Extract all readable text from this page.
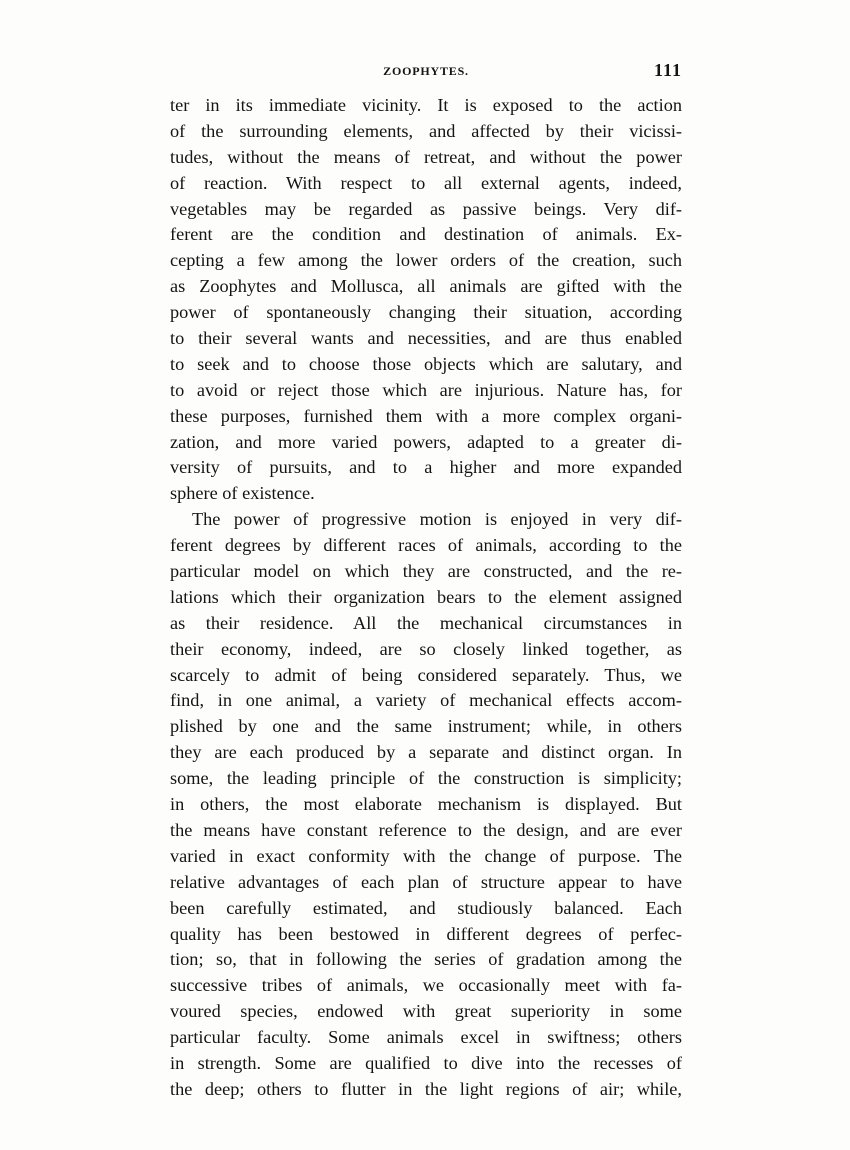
ZOOPHYTES.	111
ter in its immediate vicinity. It is exposed to the action
of the surrounding elements, and affected by their vicissi-
tudes, without the means of retreat, and without the power
of reaction. With respect to all external agents, indeed,
vegetables may be regarded as passive beings. Very dif-
ferent are the condition and destination of animals. Ex-
cepting a few among the lower orders of the creation, such
as Zoophytes and Mollusca, all animals are gifted with the
power of spontaneously changing their situation, according
to their several wants and necessities, and are thus enabled
to seek and to choose those objects which are salutary, and
to avoid or reject those which are injurious. Nature has, for
these purposes, furnished them with a more complex organi-
zation, and more varied powers, adapted to a greater di-
versity of pursuits, and to a higher and more expanded
sphere of existence.
The power of progressive motion is enjoyed in very dif-
ferent degrees by different races of animals, according to the
particular model on which they are constructed, and the re-
lations which their organization bears to the element assigned
as their residence. All the mechanical circumstances in
their economy, indeed, are so closely linked together, as
scarcely to admit of being considered separately. Thus, we
find, in one animal, a variety of mechanical effects accom-
plished by one and the same instrument; while, in others
they are each produced by a separate and distinct organ. In
some, the leading principle of the construction is simplicity;
in others, the most elaborate mechanism is displayed. But
the means have constant reference to the design, and are ever
varied in exact conformity with the change of purpose. The
relative advantages of each plan of structure appear to have
been carefully estimated, and studiously balanced. Each
quality has been bestowed in different degrees of perfec-
tion; so, that in following the series of gradation among the
successive tribes of animals, we occasionally meet with fa-
voured species, endowed with great superiority in some
particular faculty. Some animals excel in swiftness; others
in strength. Some are qualified to dive into the recesses of
the deep; others to flutter in the light regions of air; while,
